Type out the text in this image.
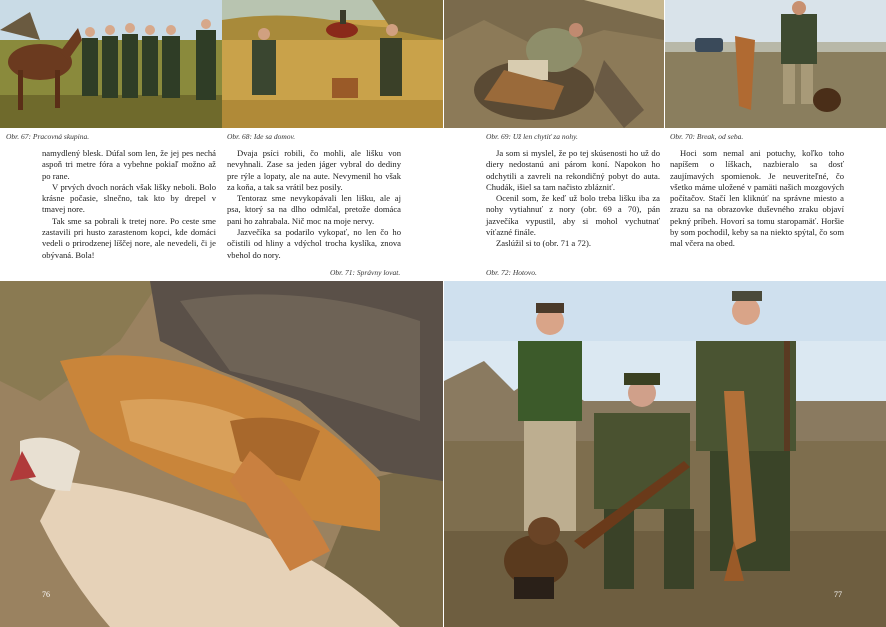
Obr. 67: Pracovná skupina.	Obr. 68: Ide sa domov.	Obr. 69: Už len chytiť za nohy.	Obr. 70: Break, od seba.

namydlený blesk. Dúfal som len, že jej pes nechá aspoň tri metre fóra a vybehne pokiaľ možno až po rane.

V prvých dvoch norách však lišky neboli. Bolo krásne počasie, slnečno, tak kto by drepel v tmavej nore.

Tak sme sa pobrali k tretej nore. Po ceste sme zastavili pri husto zarastenom kopci, kde domáci vedeli o prirodzenej líščej nore, ale nevedeli, či je obývaná. Bola!

Dvaja psíci robili, čo mohli, ale lišku von nevyhnali. Zase sa jeden jáger vybral do dediny pre rýle a lopaty, ale na aute. Nevymenil ho však za koňa, a tak sa vrátil bez posily.

Tentoraz sme nevykopávali len lišku, ale aj psa, ktorý sa na dlho odmlčal, pretože domáca pani ho zahrabala. Nič moc na moje nervy.

Jazvečíka sa podarilo vykopať, no len čo ho očistili od hliny a vdýchol trocha kyslíka, znova vbehol do nory.

Ja som si myslel, že po tej skúsenosti ho už do diery nedostanú ani párom koní. Napokon ho odchytili a zavreli na rekondičný pobyt do auta. Chudák, išiel sa tam načisto zblázniť.

Ocenil som, že keď už bolo treba lišku iba za nohy vytiahnuť z nory (obr. 69 a 70), pán jazvečíka vypustil, aby si mohol vychutnať víťazné finále.

Zaslúžil si to (obr. 71 a 72).

Hoci som nemal ani potuchy, koľko toho napíšem o líškach, nazbieralo sa dosť zaujímavých spomienok. Je neuveriteľné, čo všetko máme uložené v pamäti našich mozgových počítačov. Stačí len kliknúť na správne miesto a zrazu sa na obrazovke duševného zraku objaví pekný príbeh. Hovorí sa tomu staropamäť. Horšie by som pochodil, keby sa na niekto spýtal, čo som mal včera na obed.

Obr. 71: Správny lovat.	Obr. 72: Hotovo.
76	77
